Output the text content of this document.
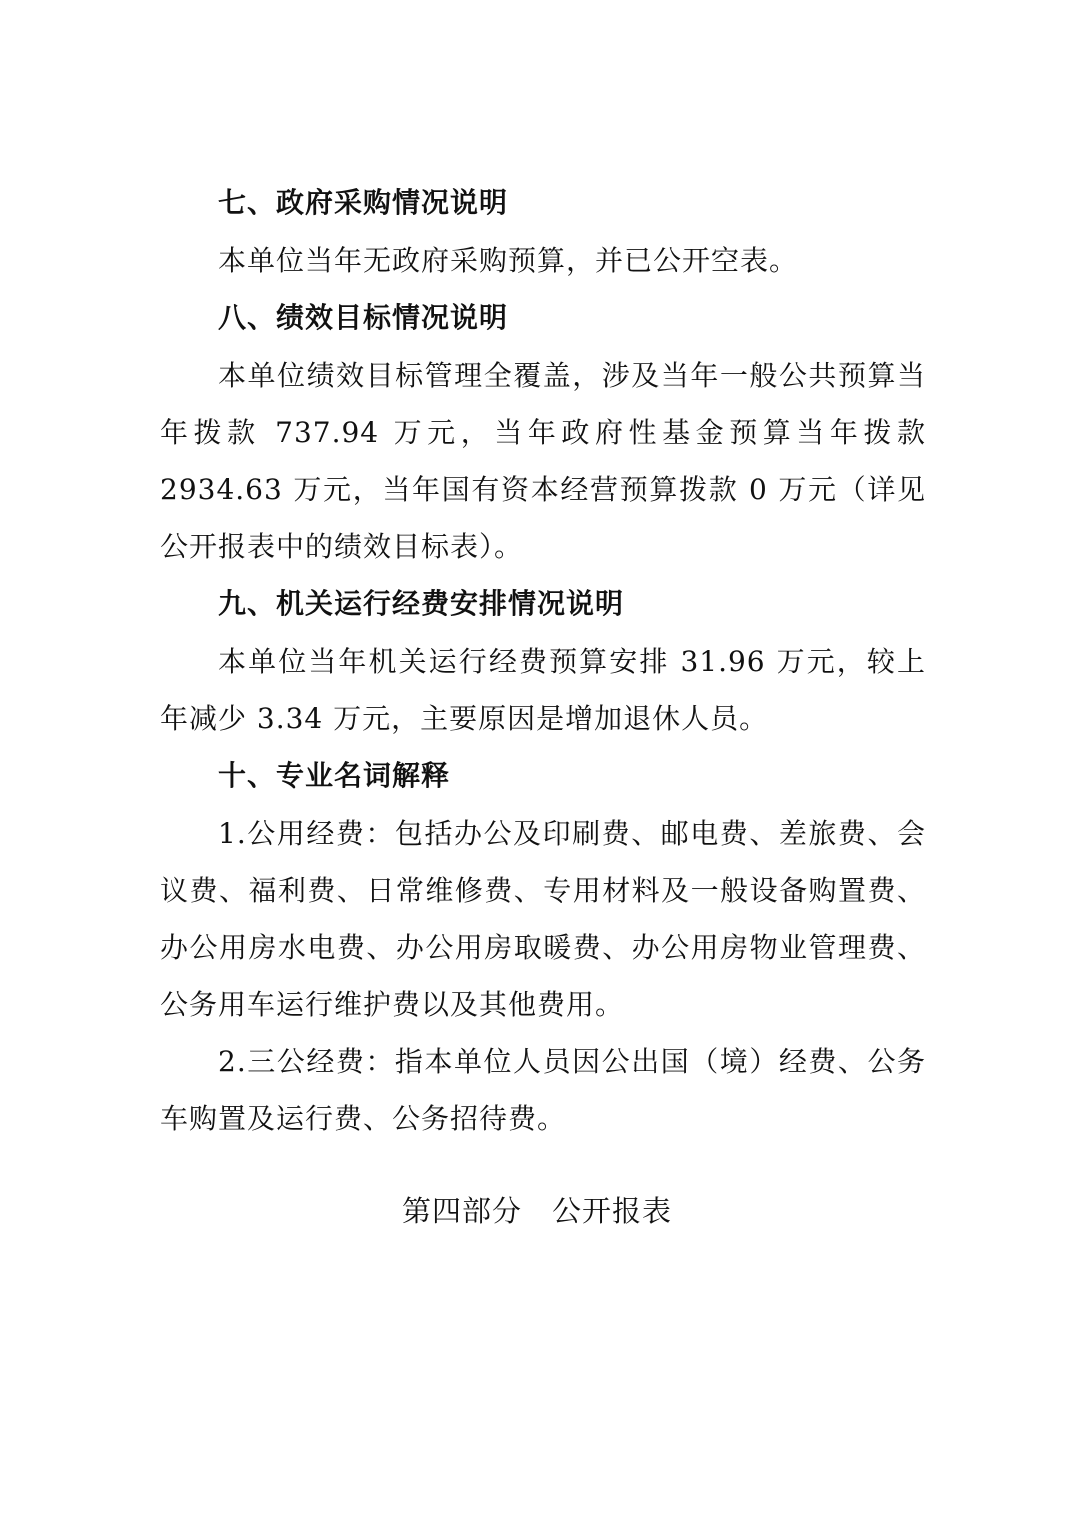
七、政府采购情况说明

本单位当年无政府采购预算，并已公开空表。

八、绩效目标情况说明

本单位绩效目标管理全覆盖，涉及当年一般公共预算当年拨款 737.94 万元，当年政府性基金预算当年拨款 2934.63 万元，当年国有资本经营预算拨款 0 万元（详见公开报表中的绩效目标表）。

九、机关运行经费安排情况说明

本单位当年机关运行经费预算安排 31.96 万元，较上年减少 3.34 万元，主要原因是增加退休人员。

十、专业名词解释

1.公用经费：包括办公及印刷费、邮电费、差旅费、会议费、福利费、日常维修费、专用材料及一般设备购置费、办公用房水电费、办公用房取暖费、办公用房物业管理费、公务用车运行维护费以及其他费用。

2.三公经费：指本单位人员因公出国（境）经费、公务车购置及运行费、公务招待费。

第四部分　公开报表
